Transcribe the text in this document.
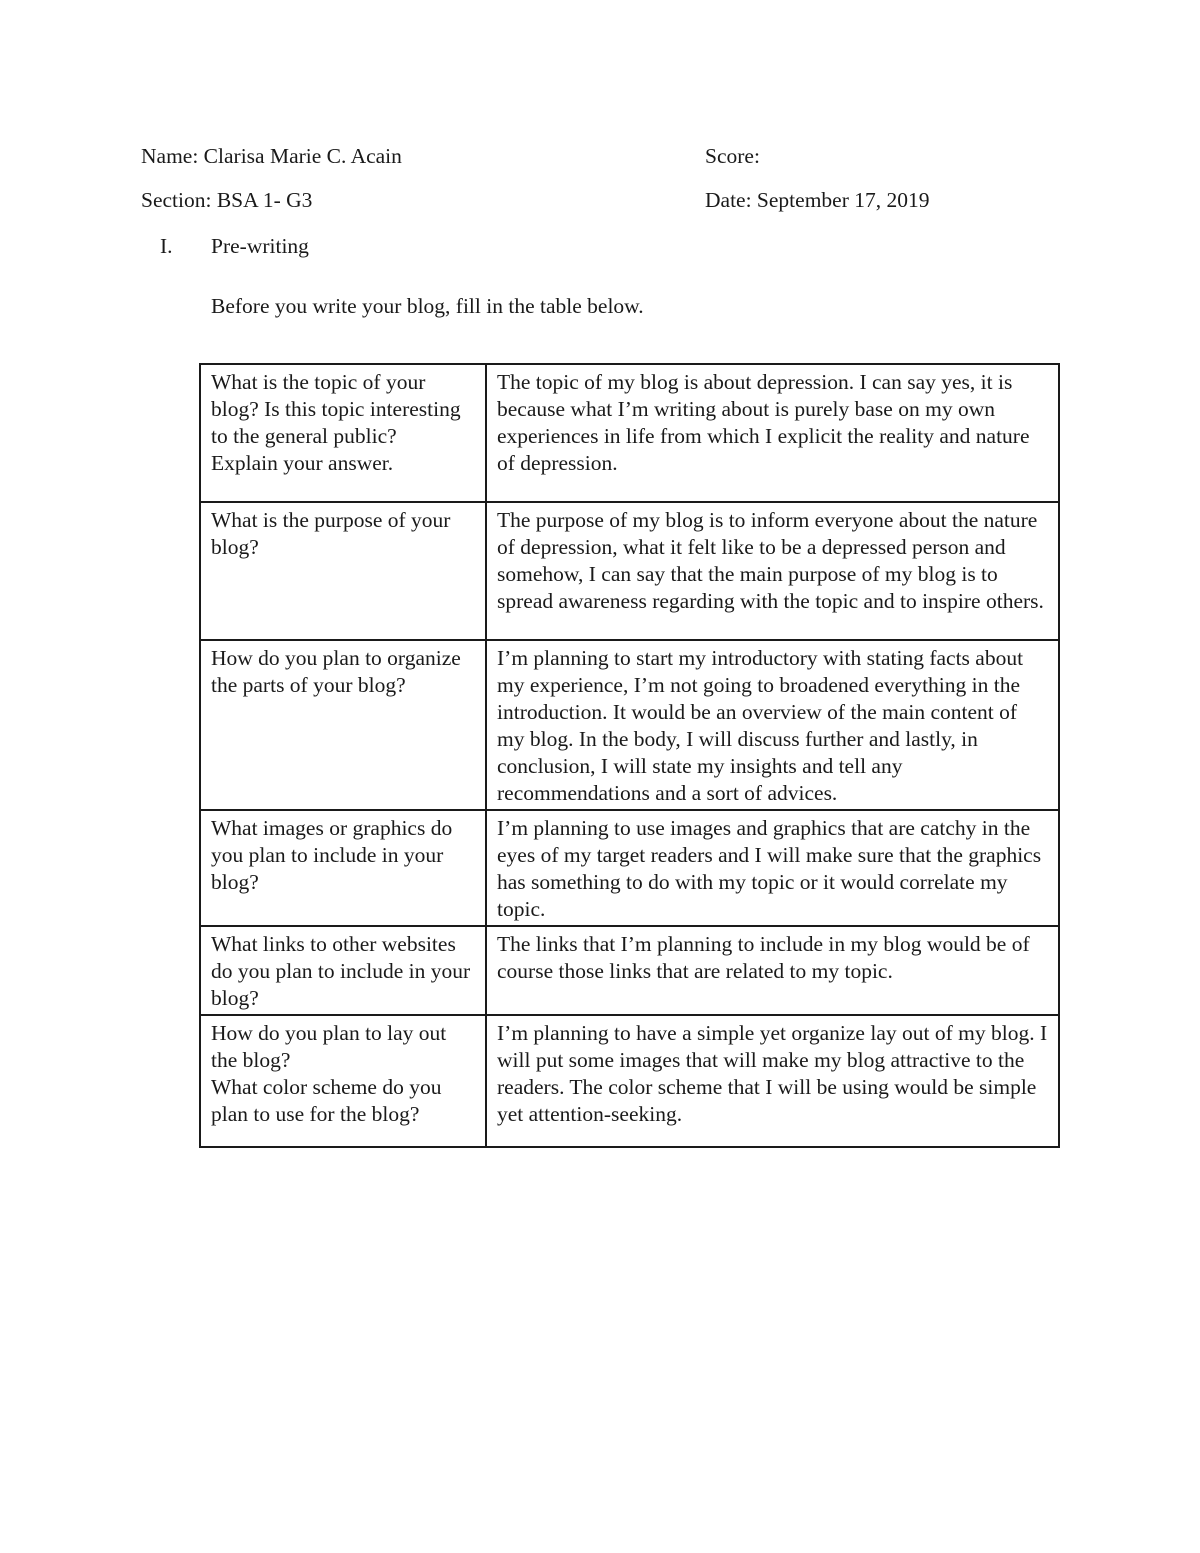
Name: Clarisa Marie C. Acain	Score:
Section: BSA 1- G3	Date: September 17, 2019
I. Pre-writing
Before you write your blog, fill in the table below.
What is the topic of your blog? Is this topic interesting to the general public?
Explain your answer.	The topic of my blog is about depression. I can say yes, it is because what I’m writing about is purely base on my own experiences in life from which I explicit the reality and nature of depression.
What is the purpose of your blog?	The purpose of my blog is to inform everyone about the nature of depression, what it felt like to be a depressed person and somehow, I can say that the main purpose of my blog is to spread awareness regarding with the topic and to inspire others.
How do you plan to organize the parts of your blog?	I’m planning to start my introductory with stating facts about my experience, I’m not going to broadened everything in the introduction. It would be an overview of the main content of my blog. In the body, I will discuss further and lastly, in conclusion, I will state my insights and tell any recommendations and a sort of advices.
What images or graphics do you plan to include in your blog?	I’m planning to use images and graphics that are catchy in the eyes of my target readers and I will make sure that the graphics has something to do with my topic or it would correlate my topic.
What links to other websites do you plan to include in your blog?	The links that I’m planning to include in my blog would be of course those links that are related to my topic.
How do you plan to lay out the blog?
What color scheme do you plan to use for the blog?	I’m planning to have a simple yet organize lay out of my blog. I will put some images that will make my blog attractive to the readers. The color scheme that I will be using would be simple yet attention-seeking.
